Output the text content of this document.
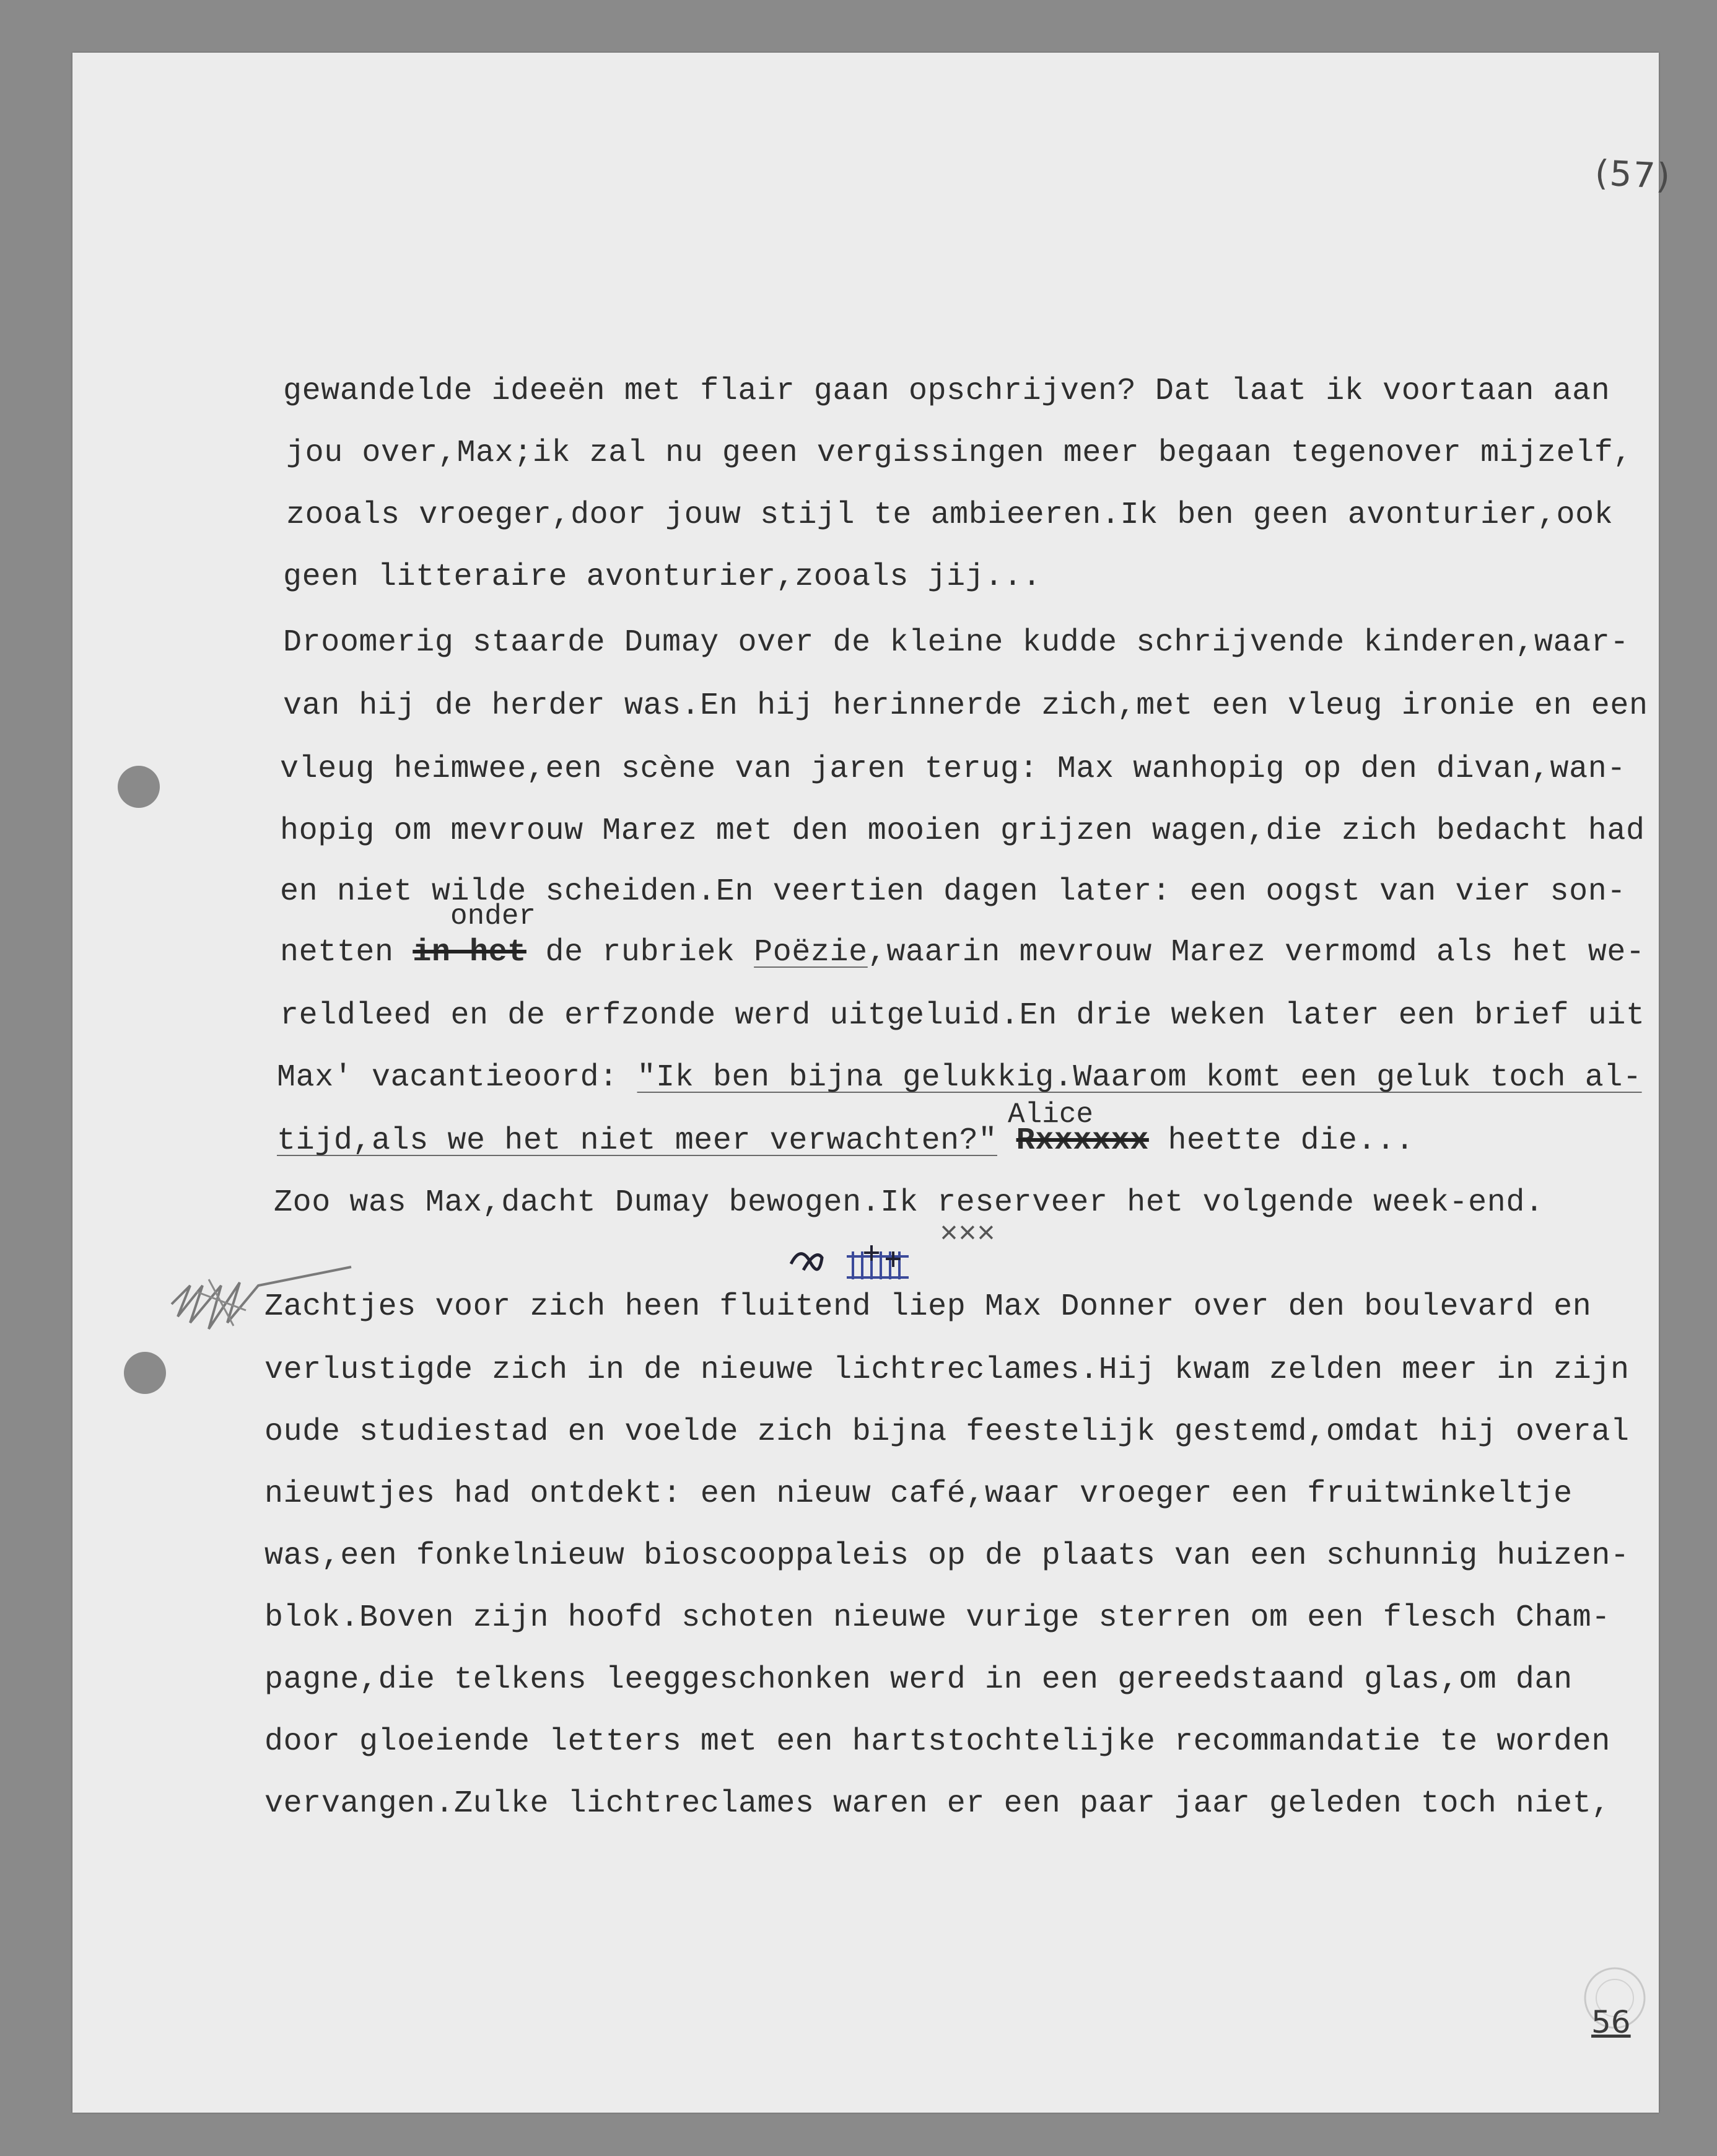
(57)
gewandelde ideeën met flair gaan opschrijven? Dat laat ik voortaan aan
jou over,Max;ik zal nu geen vergissingen meer begaan tegenover mijzelf,
zooals vroeger,door jouw stijl te ambieeren.Ik ben geen avonturier,ook
geen litteraire avonturier,zooals jij...
Droomerig staarde Dumay over de kleine kudde schrijvende kinderen,waar-
van hij de herder was.En hij herinnerde zich,met een vleug ironie en een
vleug heimwee,een scène van jaren terug: Max wanhopig op den divan,wan-
hopig om mevrouw Marez met den mooien grijzen wagen,die zich bedacht had
en niet wilde scheiden.En veertien dagen later: een oogst van vier son-
onder
netten in het de rubriek Poëzie,waarin mevrouw Marez vermomd als het we-
reldleed en de erfzonde werd uitgeluid.En drie weken later een brief uit
Max' vacantieoord: "Ik ben bijna gelukkig.Waarom komt een geluk toch al-
Alice
tijd,als we het niet meer verwachten?" Rxxxxxx heette die...
Zoo was Max,dacht Dumay bewogen.Ik reserveer het volgende week-end.
×××
Zachtjes voor zich heen fluitend liep Max Donner over den boulevard en
verlustigde zich in de nieuwe lichtreclames.Hij kwam zelden meer in zijn
oude studiestad en voelde zich bijna feestelijk gestemd,omdat hij overal
nieuwtjes had ontdekt: een nieuw café,waar vroeger een fruitwinkeltje
was,een fonkelnieuw bioscooppaleis op de plaats van een schunnig huizen-
blok.Boven zijn hoofd schoten nieuwe vurige sterren om een flesch Cham-
pagne,die telkens leeggeschonken werd in een gereedstaand glas,om dan
door gloeiende letters met een hartstochtelijke recommandatie te worden
vervangen.Zulke lichtreclames waren er een paar jaar geleden toch niet,
56
